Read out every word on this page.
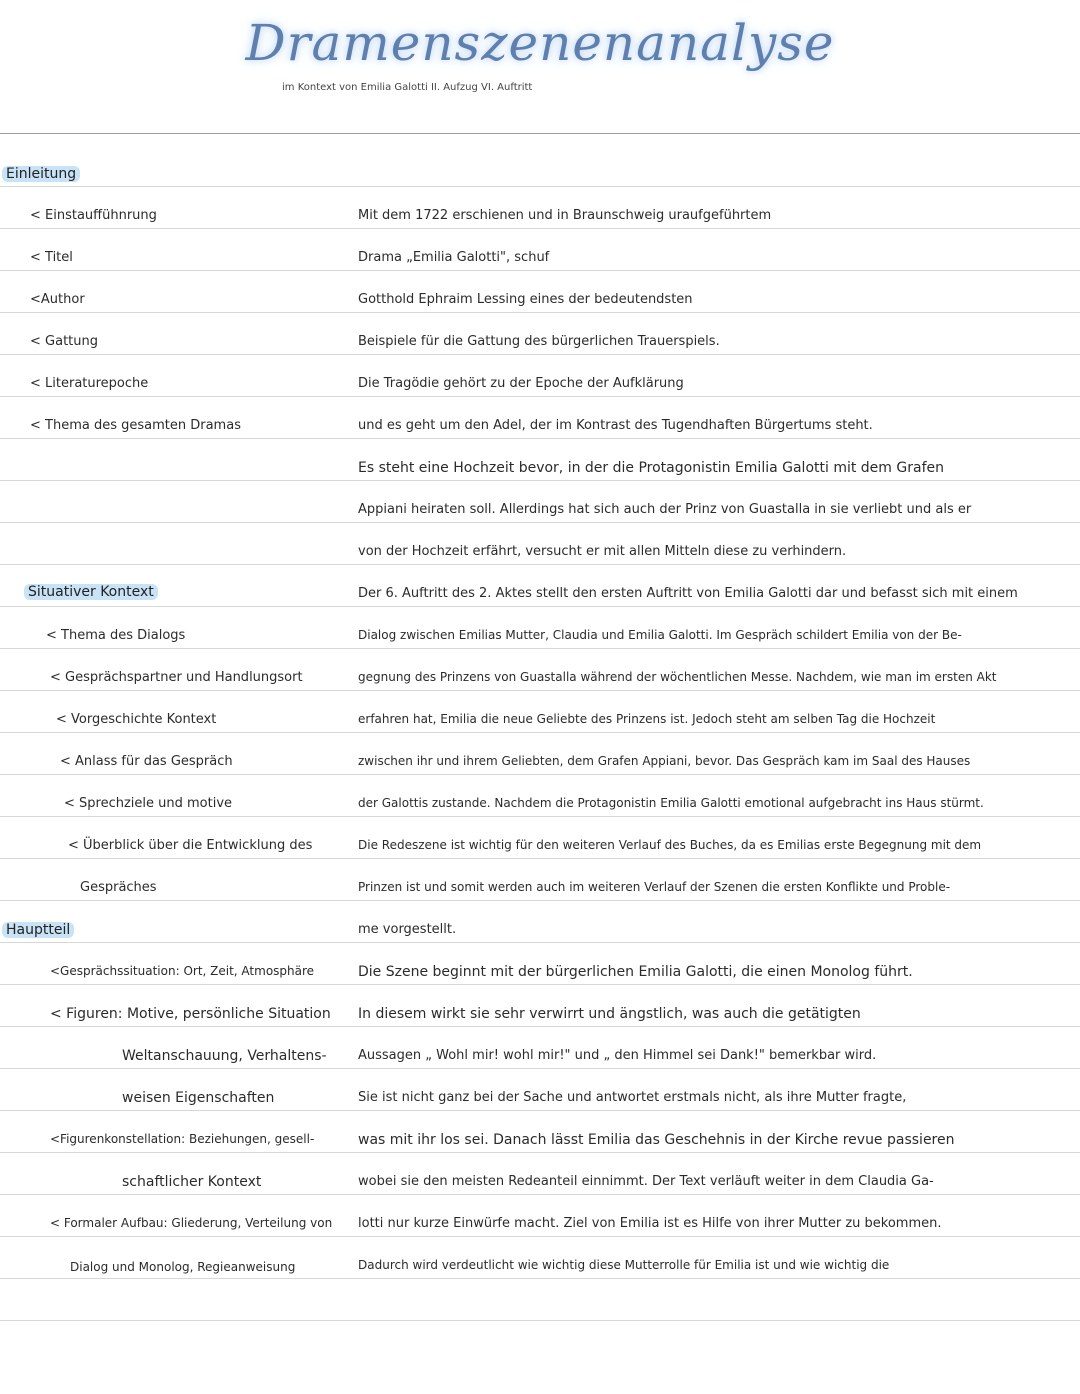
Dramenszenenanalyse
im Kontext von Emilia Galotti II. Aufzug VI. Auftritt
Einleitung
Situativer Kontext
Hauptteil
< Einstauffühnrung
< Titel
<Author
< Gattung
< Literaturepoche
< Thema des gesamten Dramas
< Thema des Dialogs
< Gesprächspartner und Handlungsort
< Vorgeschichte Kontext
< Anlass für das Gespräch
< Sprechziele und motive
< Überblick über die Entwicklung des
Gespräches
<Gesprächssituation: Ort, Zeit, Atmosphäre
< Figuren: Motive, persönliche Situation
Weltanschauung, Verhaltens-
weisen Eigenschaften
<Figurenkonstellation: Beziehungen, gesell-
schaftlicher Kontext
< Formaler Aufbau: Gliederung, Verteilung von
Dialog und Monolog, Regieanweisung
Mit dem 1722 erschienen und in Braunschweig uraufgeführtem
Drama „Emilia Galotti", schuf
Gotthold Ephraim Lessing eines der bedeutendsten
Beispiele für die Gattung des bürgerlichen Trauerspiels.
Die Tragödie gehört zu der Epoche der Aufklärung
und es geht um den Adel, der im Kontrast des Tugendhaften Bürgertums steht.
Es steht eine Hochzeit bevor, in der die Protagonistin Emilia Galotti mit dem Grafen
Appiani heiraten soll. Allerdings hat sich auch der Prinz von Guastalla in sie verliebt und als er
von der Hochzeit erfährt, versucht er mit allen Mitteln diese zu verhindern.
Der 6. Auftritt des 2. Aktes stellt den ersten Auftritt von Emilia Galotti dar und befasst sich mit einem
Dialog zwischen Emilias Mutter, Claudia und Emilia Galotti. Im Gespräch schildert Emilia von der Be-
gegnung des Prinzens von Guastalla während der wöchentlichen Messe. Nachdem, wie man im ersten Akt
erfahren hat, Emilia die neue Geliebte des Prinzens ist. Jedoch steht am selben Tag die Hochzeit
zwischen ihr und ihrem Geliebten, dem Grafen Appiani, bevor. Das Gespräch kam im Saal des Hauses
der Galottis zustande. Nachdem die Protagonistin Emilia Galotti emotional aufgebracht ins Haus stürmt.
Die Redeszene ist wichtig für den weiteren Verlauf des Buches, da es Emilias erste Begegnung mit dem
Prinzen ist und somit werden auch im weiteren Verlauf der Szenen die ersten Konflikte und Proble-
me vorgestellt.
Die Szene beginnt mit der bürgerlichen Emilia Galotti, die einen Monolog führt.
In diesem wirkt sie sehr verwirrt und ängstlich, was auch die getätigten
Aussagen „ Wohl mir! wohl mir!" und „ den Himmel sei Dank!" bemerkbar wird.
Sie ist nicht ganz bei der Sache und antwortet erstmals nicht, als ihre Mutter fragte,
was mit ihr los sei. Danach lässt Emilia das Geschehnis in der Kirche revue passieren
wobei sie den meisten Redeanteil einnimmt. Der Text verläuft weiter in dem Claudia Ga-
lotti nur kurze Einwürfe macht. Ziel von Emilia ist es Hilfe von ihrer Mutter zu bekommen.
Dadurch wird verdeutlicht wie wichtig diese Mutterrolle für Emilia ist und wie wichtig die
